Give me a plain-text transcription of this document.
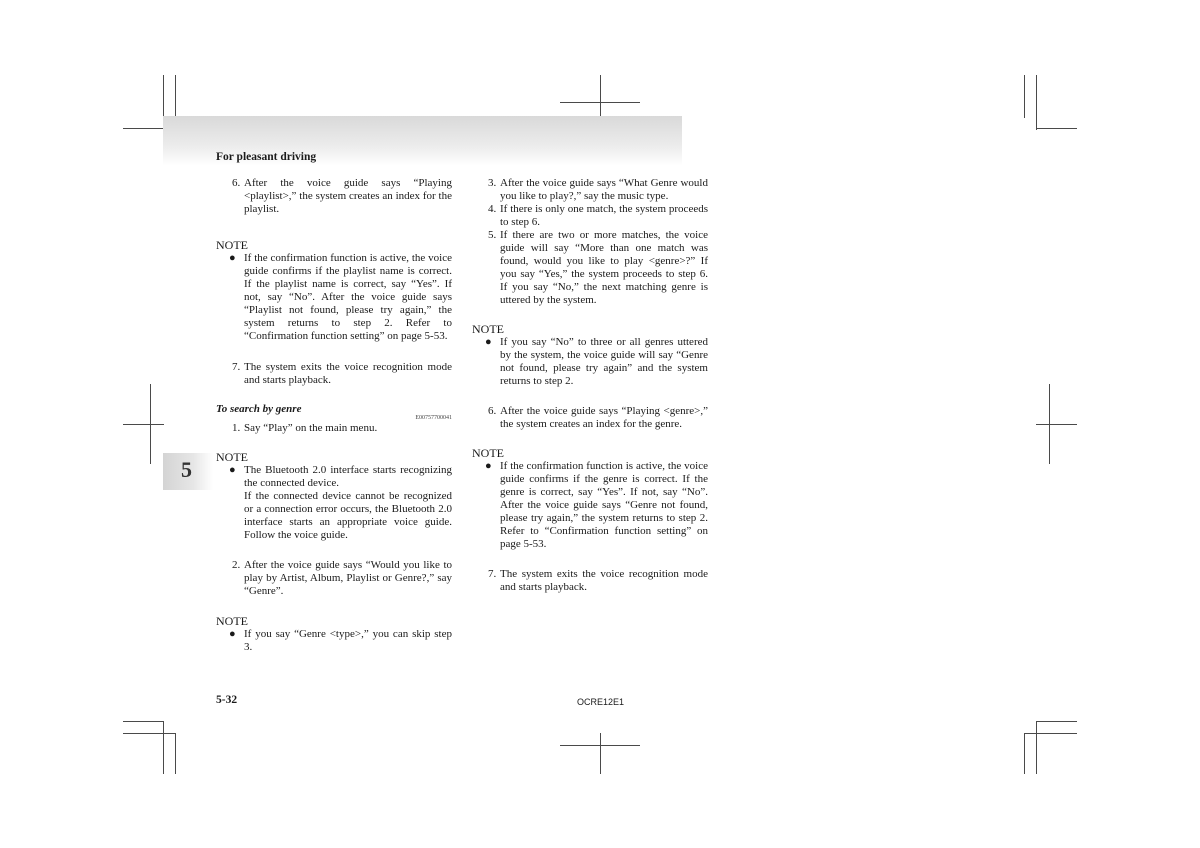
For pleasant driving
5
6. After the voice guide says “Playing <playlist>,” the system creates an index for the playlist.
NOTE
● If the confirmation function is active, the voice guide confirms if the playlist name is correct. If the playlist name is correct, say “Yes”. If not, say “No”. After the voice guide says “Playlist not found, please try again,” the system returns to step 2. Refer to “Confirmation function setting” on page 5-53.
7. The system exits the voice recognition mode and starts playback.
To search by genre
E00757700041
1. Say “Play” on the main menu.
NOTE
● The Bluetooth 2.0 interface starts recognizing the connected device.
If the connected device cannot be recognized or a connection error occurs, the Bluetooth 2.0 interface starts an appropriate voice guide. Follow the voice guide.
2. After the voice guide says “Would you like to play by Artist, Album, Playlist or Genre?,” say “Genre”.
NOTE
● If you say “Genre <type>,” you can skip step 3.
3. After the voice guide says “What Genre would you like to play?,” say the music type.
4. If there is only one match, the system proceeds to step 6.
5. If there are two or more matches, the voice guide will say “More than one match was found, would you like to play <genre>?” If you say “Yes,” the system proceeds to step 6. If you say “No,” the next matching genre is uttered by the system.
NOTE
● If you say “No” to three or all genres uttered by the system, the voice guide will say “Genre not found, please try again” and the system returns to step 2.
6. After the voice guide says “Playing <genre>,” the system creates an index for the genre.
NOTE
● If the confirmation function is active, the voice guide confirms if the genre is correct. If the genre is correct, say “Yes”. If not, say “No”. After the voice guide says “Genre not found, please try again,” the system returns to step 2. Refer to “Confirmation function setting” on page 5-53.
7. The system exits the voice recognition mode and starts playback.
5-32	OCRE12E1
